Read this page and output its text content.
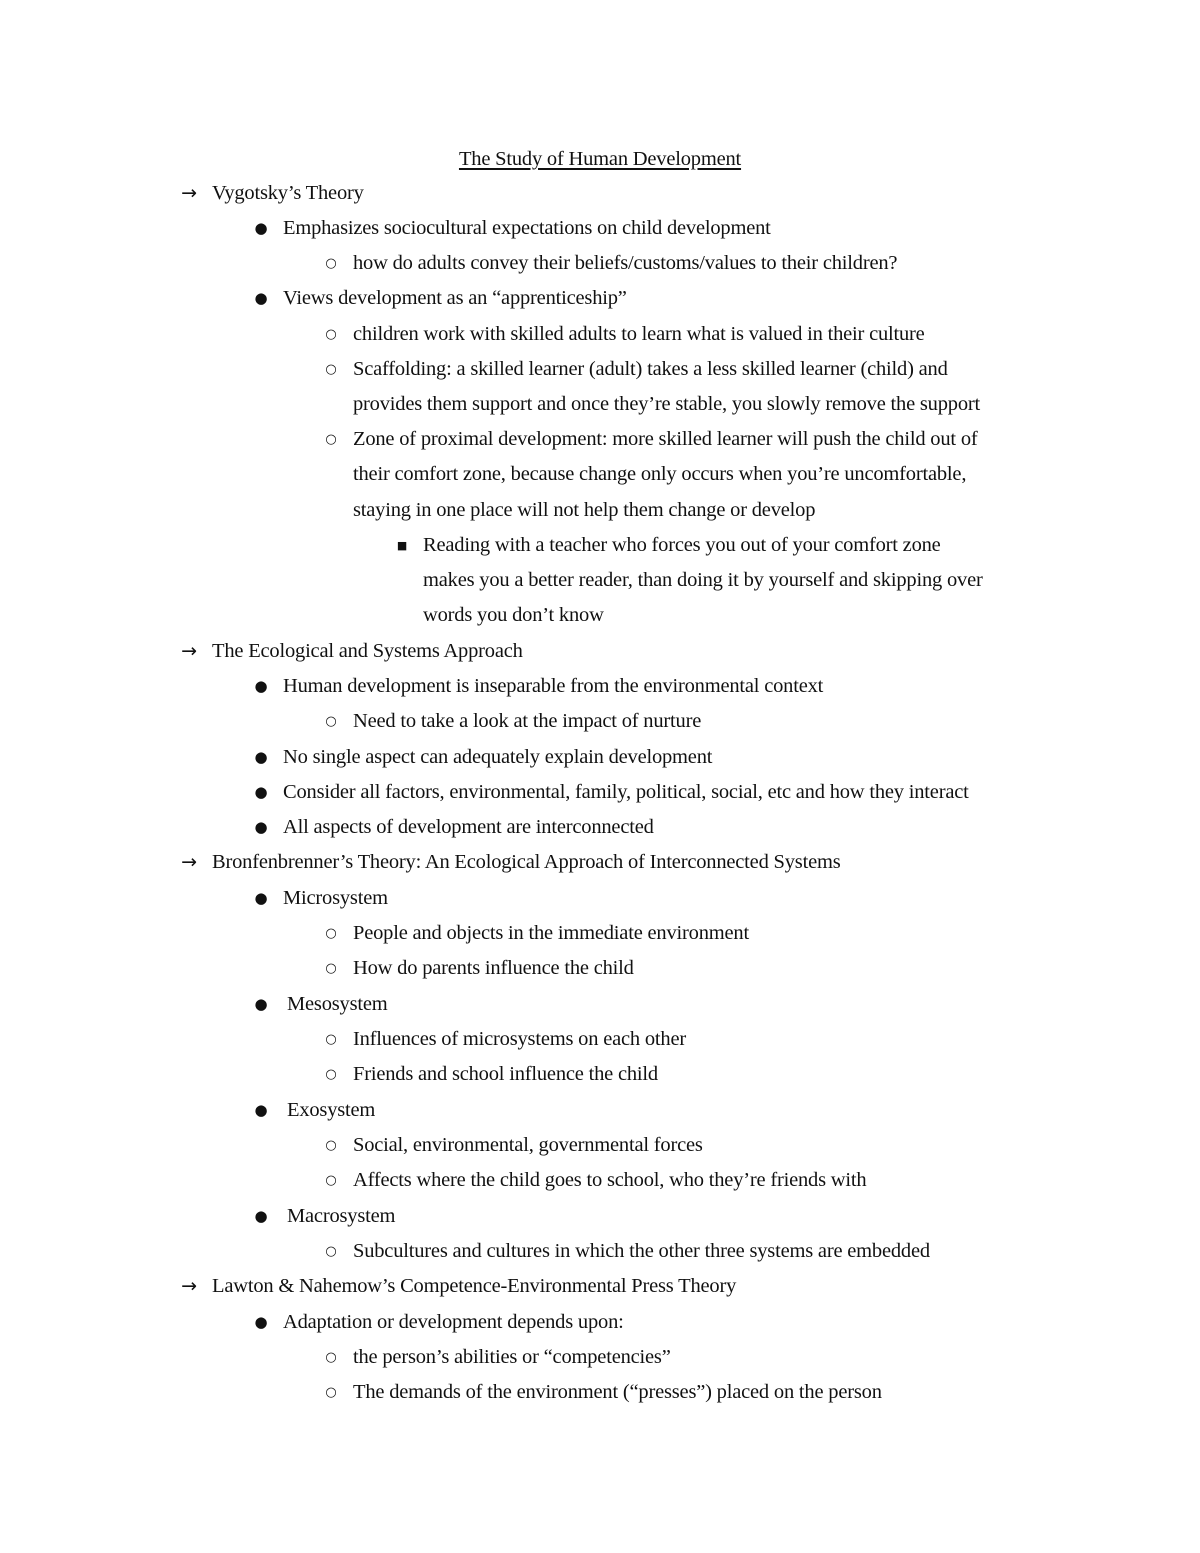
The Study of Human Development
→ Vygotsky’s Theory
● Emphasizes sociocultural expectations on child development
○ how do adults convey their beliefs/customs/values to their children?
● Views development as an “apprenticeship”
○ children work with skilled adults to learn what is valued in their culture
○ Scaffolding: a skilled learner (adult) takes a less skilled learner (child) and
provides them support and once they’re stable, you slowly remove the support
○ Zone of proximal development: more skilled learner will push the child out of
their comfort zone, because change only occurs when you’re uncomfortable,
staying in one place will not help them change or develop
■ Reading with a teacher who forces you out of your comfort zone
makes you a better reader, than doing it by yourself and skipping over
words you don’t know
→ The Ecological and Systems Approach
● Human development is inseparable from the environmental context
○ Need to take a look at the impact of nurture
● No single aspect can adequately explain development
● Consider all factors, environmental, family, political, social, etc and how they interact
● All aspects of development are interconnected
→ Bronfenbrenner’s Theory: An Ecological Approach of Interconnected Systems
● Microsystem
○ People and objects in the immediate environment
○ How do parents influence the child
● Mesosystem
○ Influences of microsystems on each other
○ Friends and school influence the child
● Exosystem
○ Social, environmental, governmental forces
○ Affects where the child goes to school, who they’re friends with
● Macrosystem
○ Subcultures and cultures in which the other three systems are embedded
→ Lawton & Nahemow’s Competence-Environmental Press Theory
● Adaptation or development depends upon:
○ the person’s abilities or “competencies”
○ The demands of the environment (“presses”) placed on the person
